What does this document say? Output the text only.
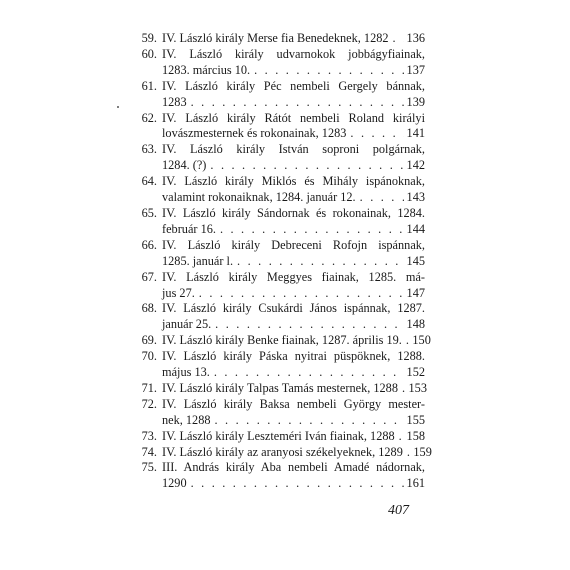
59. IV. László király Merse fia Benedeknek, 1282 . . . 136
60. IV. László király udvarnokok jobbágyfiainak,
1283. március 10. . . .	137
61. IV. László király Péc nembeli Gergely bánnak,
1283 . . .	139
62. IV. László király Rátót nembeli Roland királyi
lovászmesternek és rokonainak, 1283 . . .	141
63. IV. László király István soproni polgárnak,
1284. (?) . . .	142
64. IV. László király Miklós és Mihály ispánoknak,
valamint rokonaiknak, 1284. január 12. . . .	143
65. IV. László király Sándornak és rokonainak, 1284.
február 16. . . .	144
66. IV. László király Debreceni Rofojn ispánnak,
1285. január l. . . .	145
67. IV. László király Meggyes fiainak, 1285. má-
jus 27. . . .	147
68. IV. László király Csukárdi János ispánnak, 1287.
január 25. . . .	148
69. IV. László király Benke fiainak, 1287. április 19. . . . 150
70. IV. László király Páska nyitrai püspöknek, 1288.
május 13. . . .	152
71. IV. László király Talpas Tamás mesternek, 1288 . . . 153
72. IV. László király Baksa nembeli György mester-
nek, 1288 . . .	155
73. IV. László király Leszteméri Iván fiainak, 1288 . . . 158
74. IV. László király az aranyosi székelyeknek, 1289 . . . 159
75. III. András király Aba nembeli Amadé nádornak,
1290 . . .	161
407
